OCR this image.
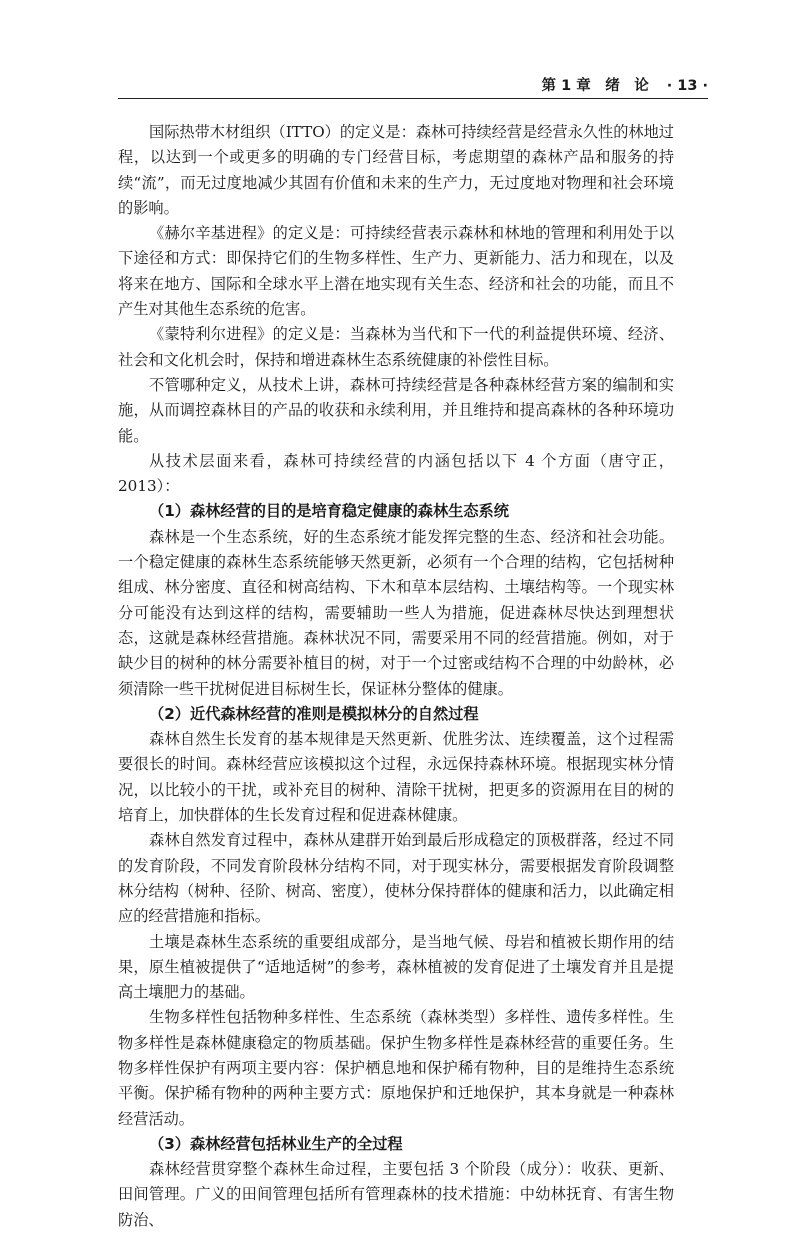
第 1 章　绪　论 · 13 ·

国际热带木材组织（ITTO）的定义是：森林可持续经营是经营永久性的林地过程，以达到一个或更多的明确的专门经营目标，考虑期望的森林产品和服务的持续“流”，而无过度地减少其固有价值和未来的生产力，无过度地对物理和社会环境的影响。

《赫尔辛基进程》的定义是：可持续经营表示森林和林地的管理和利用处于以下途径和方式：即保持它们的生物多样性、生产力、更新能力、活力和现在，以及将来在地方、国际和全球水平上潜在地实现有关生态、经济和社会的功能，而且不产生对其他生态系统的危害。

《蒙特利尔进程》的定义是：当森林为当代和下一代的利益提供环境、经济、社会和文化机会时，保持和增进森林生态系统健康的补偿性目标。

不管哪种定义，从技术上讲，森林可持续经营是各种森林经营方案的编制和实施，从而调控森林目的产品的收获和永续利用，并且维持和提高森林的各种环境功能。

从技术层面来看，森林可持续经营的内涵包括以下 4 个方面（唐守正，2013）：

（1）森林经营的目的是培育稳定健康的森林生态系统

森林是一个生态系统，好的生态系统才能发挥完整的生态、经济和社会功能。一个稳定健康的森林生态系统能够天然更新，必须有一个合理的结构，它包括树种组成、林分密度、直径和树高结构、下木和草本层结构、土壤结构等。一个现实林分可能没有达到这样的结构，需要辅助一些人为措施，促进森林尽快达到理想状态，这就是森林经营措施。森林状况不同，需要采用不同的经营措施。例如，对于缺少目的树种的林分需要补植目的树，对于一个过密或结构不合理的中幼龄林，必须清除一些干扰树促进目标树生长，保证林分整体的健康。

（2）近代森林经营的准则是模拟林分的自然过程

森林自然生长发育的基本规律是天然更新、优胜劣汰、连续覆盖，这个过程需要很长的时间。森林经营应该模拟这个过程，永远保持森林环境。根据现实林分情况，以比较小的干扰，或补充目的树种、清除干扰树，把更多的资源用在目的树的培育上，加快群体的生长发育过程和促进森林健康。

森林自然发育过程中，森林从建群开始到最后形成稳定的顶极群落，经过不同的发育阶段，不同发育阶段林分结构不同，对于现实林分，需要根据发育阶段调整林分结构（树种、径阶、树高、密度），使林分保持群体的健康和活力，以此确定相应的经营措施和指标。

土壤是森林生态系统的重要组成部分，是当地气候、母岩和植被长期作用的结果，原生植被提供了“适地适树”的参考，森林植被的发育促进了土壤发育并且是提高土壤肥力的基础。

生物多样性包括物种多样性、生态系统（森林类型）多样性、遗传多样性。生物多样性是森林健康稳定的物质基础。保护生物多样性是森林经营的重要任务。生物多样性保护有两项主要内容：保护栖息地和保护稀有物种，目的是维持生态系统平衡。保护稀有物种的两种主要方式：原地保护和迁地保护，其本身就是一种森林经营活动。

（3）森林经营包括林业生产的全过程

森林经营贯穿整个森林生命过程，主要包括 3 个阶段（成分）：收获、更新、田间管理。广义的田间管理包括所有管理森林的技术措施：中幼林抚育、有害生物防治、
